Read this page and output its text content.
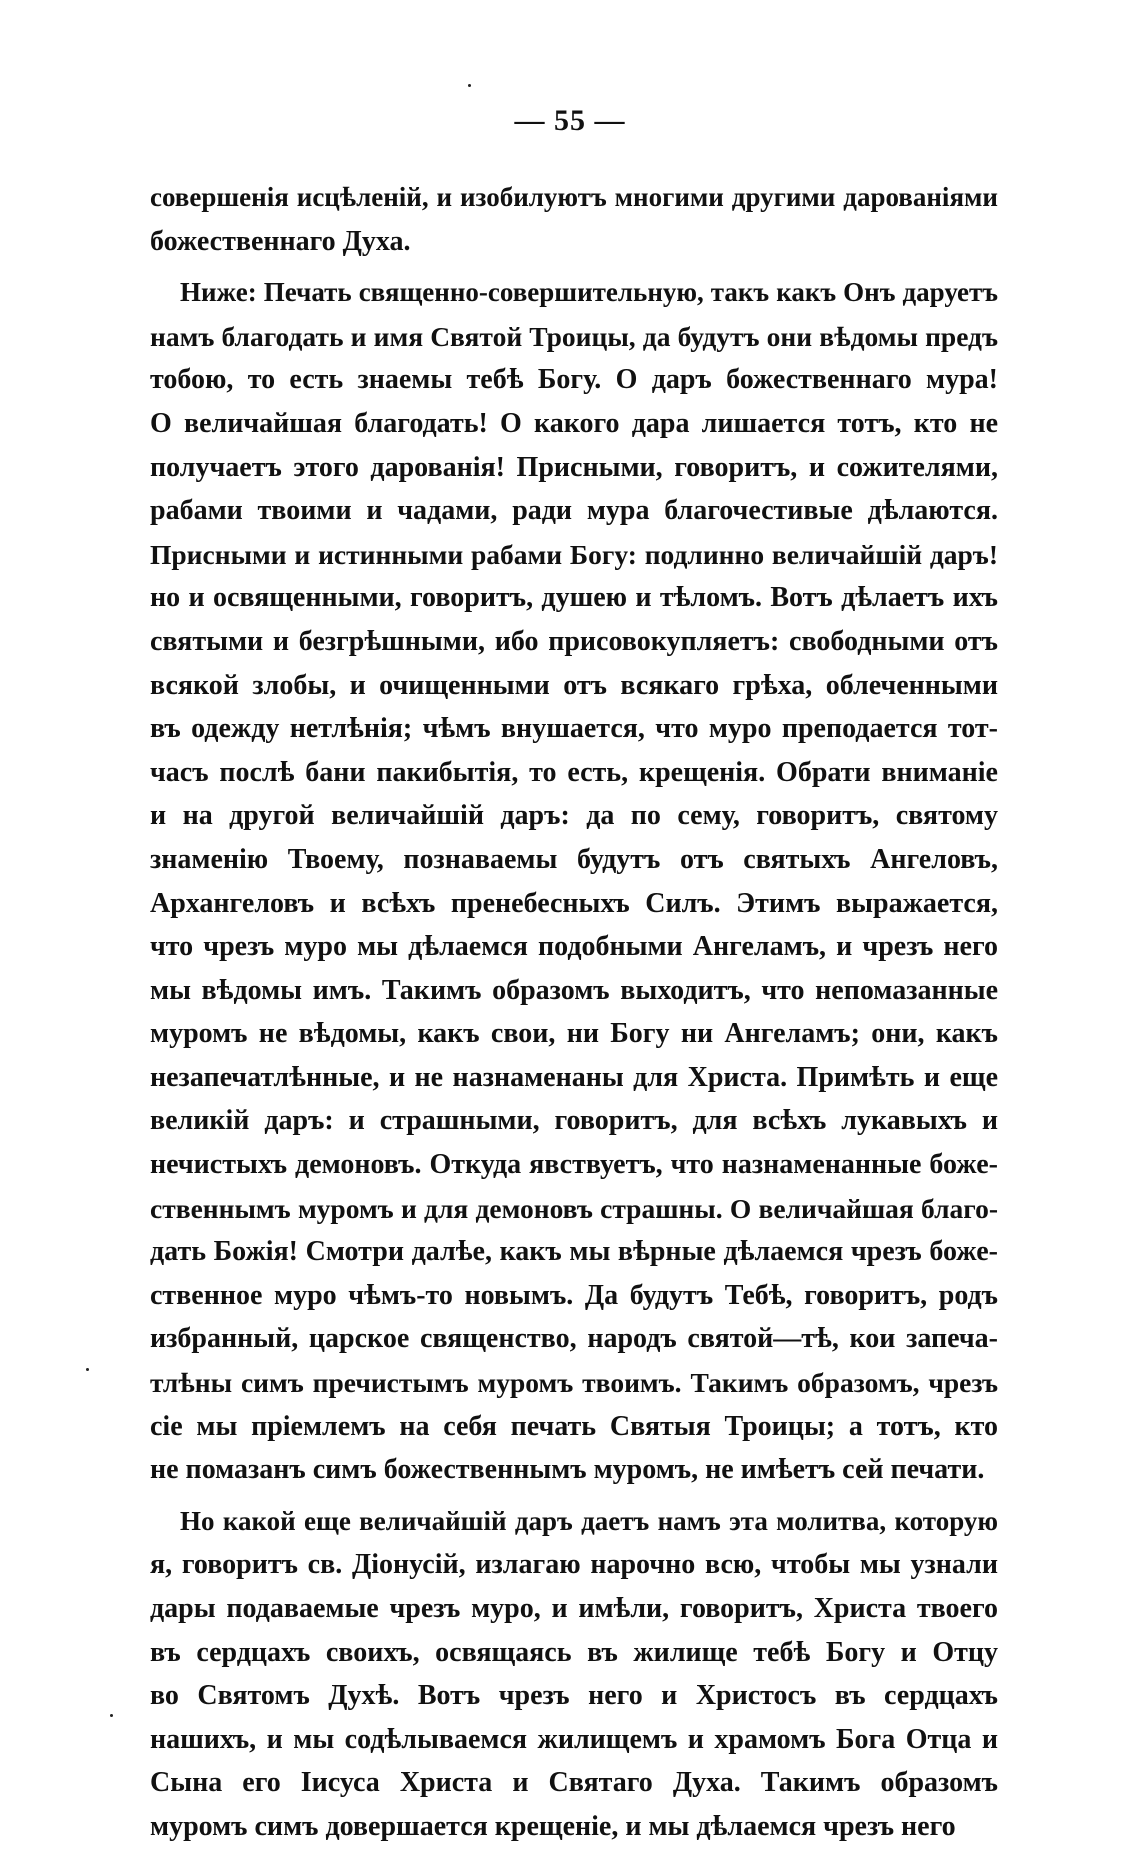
— 55 —
совершенія исцѣленій, и изобилуютъ многими другими дарованіями
божественнаго Духа.
Ниже: Печать священно-совершительную, такъ какъ Онъ даруетъ
намъ благодать и имя Святой Троицы, да будутъ они вѣдомы предъ
тобою, то есть знаемы тебѣ Богу. О даръ божественнаго мура!
О величайшая благодать! О какого дара лишается тотъ, кто не
получаетъ этого дарованія! Присными, говоритъ, и сожителями,
рабами твоими и чадами, ради мура благочестивые дѣлаются.
Присными и истинными рабами Богу: подлинно величайшій даръ!
но и освященными, говоритъ, душею и тѣломъ. Вотъ дѣлаетъ ихъ
святыми и безгрѣшными, ибо присовокупляетъ: свободными отъ
всякой злобы, и очищенными отъ всякаго грѣха, облеченными
въ одежду нетлѣнія; чѣмъ внушается, что муро преподается тот-
часъ послѣ бани пакибытія, то есть, крещенія. Обрати вниманіе
и на другой величайшій даръ: да по сему, говоритъ, святому
знаменію Твоему, познаваемы будутъ отъ святыхъ Ангеловъ,
Архангеловъ и всѣхъ пренебесныхъ Силъ. Этимъ выражается,
что чрезъ муро мы дѣлаемся подобными Ангеламъ, и чрезъ него
мы вѣдомы имъ. Такимъ образомъ выходитъ, что непомазанные
муромъ не вѣдомы, какъ свои, ни Богу ни Ангеламъ; они, какъ
незапечатлѣнные, и не назнаменаны для Христа. Примѣть и еще
великій даръ: и страшными, говоритъ, для всѣхъ лукавыхъ и
нечистыхъ демоновъ. Откуда явствуетъ, что назнаменанные боже-
ственнымъ муромъ и для демоновъ страшны. О величайшая благо-
дать Божія! Смотри далѣе, какъ мы вѣрные дѣлаемся чрезъ боже-
ственное муро чѣмъ-то новымъ. Да будутъ Тебѣ, говоритъ, родъ
избранный, царское священство, народъ святой—тѣ, кои запеча-
тлѣны симъ пречистымъ муромъ твоимъ. Такимъ образомъ, чрезъ
сіе мы пріемлемъ на себя печать Святыя Троицы; а тотъ, кто
не помазанъ симъ божественнымъ муромъ, не имѣетъ сей печати.
Но какой еще величайшій даръ даетъ намъ эта молитва, которую
я, говоритъ св. Діонусій, излагаю нарочно всю, чтобы мы узнали
дары подаваемые чрезъ муро, и имѣли, говоритъ, Христа твоего
въ сердцахъ своихъ, освящаясь въ жилище тебѣ Богу и Отцу
во Святомъ Духѣ. Вотъ чрезъ него и Христосъ въ сердцахъ
нашихъ, и мы содѣлываемся жилищемъ и храмомъ Бога Отца и
Сына его Іисуса Христа и Святаго Духа. Такимъ образомъ
муромъ симъ довершается крещеніе, и мы дѣлаемся чрезъ него
